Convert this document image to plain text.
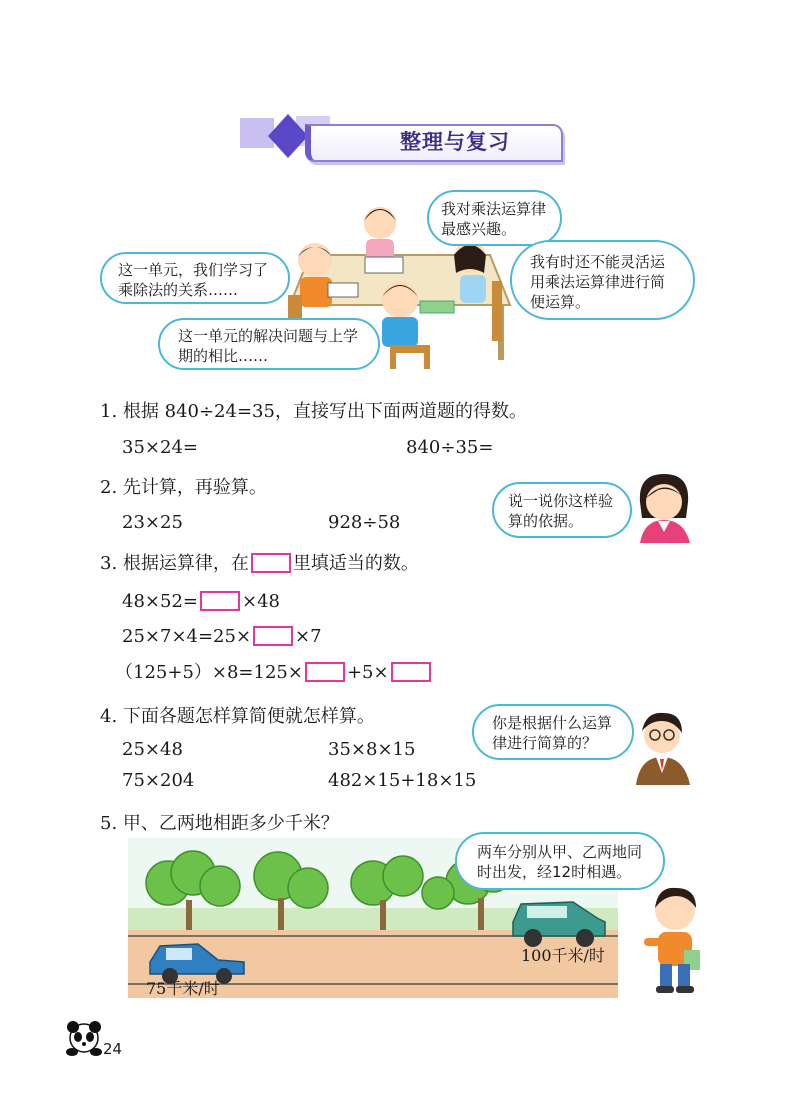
整理与复习
我对乘法运算律最感兴趣。
这一单元，我们学习了乘除法的关系……
我有时还不能灵活运用乘法运算律进行简便运算。
这一单元的解决问题与上学期的相比……
1. 根据 840÷24=35，直接写出下面两道题的得数。
35×24=	840÷35=
2. 先计算，再验算。
23×25	928÷58
说一说你这样验算的依据。
3. 根据运算律，在 里填适当的数。
48×52= ×48
25×7×4=25× ×7
（125+5）×8=125× +5×
4. 下面各题怎样算简便就怎样算。
25×48	35×8×15
75×204	482×15+18×15
你是根据什么运算律进行简算的？
5. 甲、乙两地相距多少千米？
100千米/时
75千米/时
两车分别从甲、乙两地同时出发，经12时相遇。
24
